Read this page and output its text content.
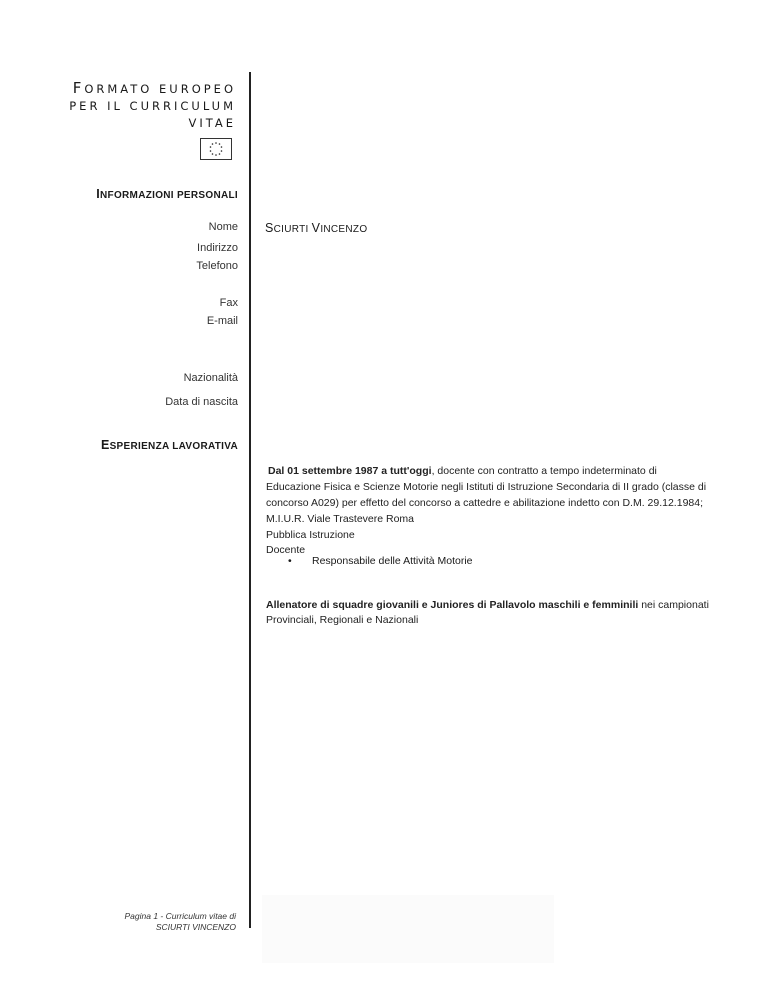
FORMATO EUROPEO
PER IL CURRICULUM
VITAE
INFORMAZIONI PERSONALI
Nome
Indirizzo
Telefono
Fax
E-mail
Nazionalità
Data di nascita
SCIURTI VINCENZO
ESPERIENZA LAVORATIVA
Dal 01 settembre 1987 a tutt'oggi, docente con contratto a tempo indeterminato di
Educazione Fisica e Scienze Motorie negli Istituti di Istruzione Secondaria di II grado (classe di
concorso A029) per effetto del concorso a cattedre e abilitazione indetto con D.M. 29.12.1984;
M.I.U.R. Viale Trastevere Roma
Pubblica Istruzione
Docente
• Responsabile delle Attività Motorie
Allenatore di squadre giovanili e Juniores di Pallavolo maschili e femminili nei campionati
Provinciali, Regionali e Nazionali
Pagina 1 - Curriculum vitae di
SCIURTI VINCENZO
